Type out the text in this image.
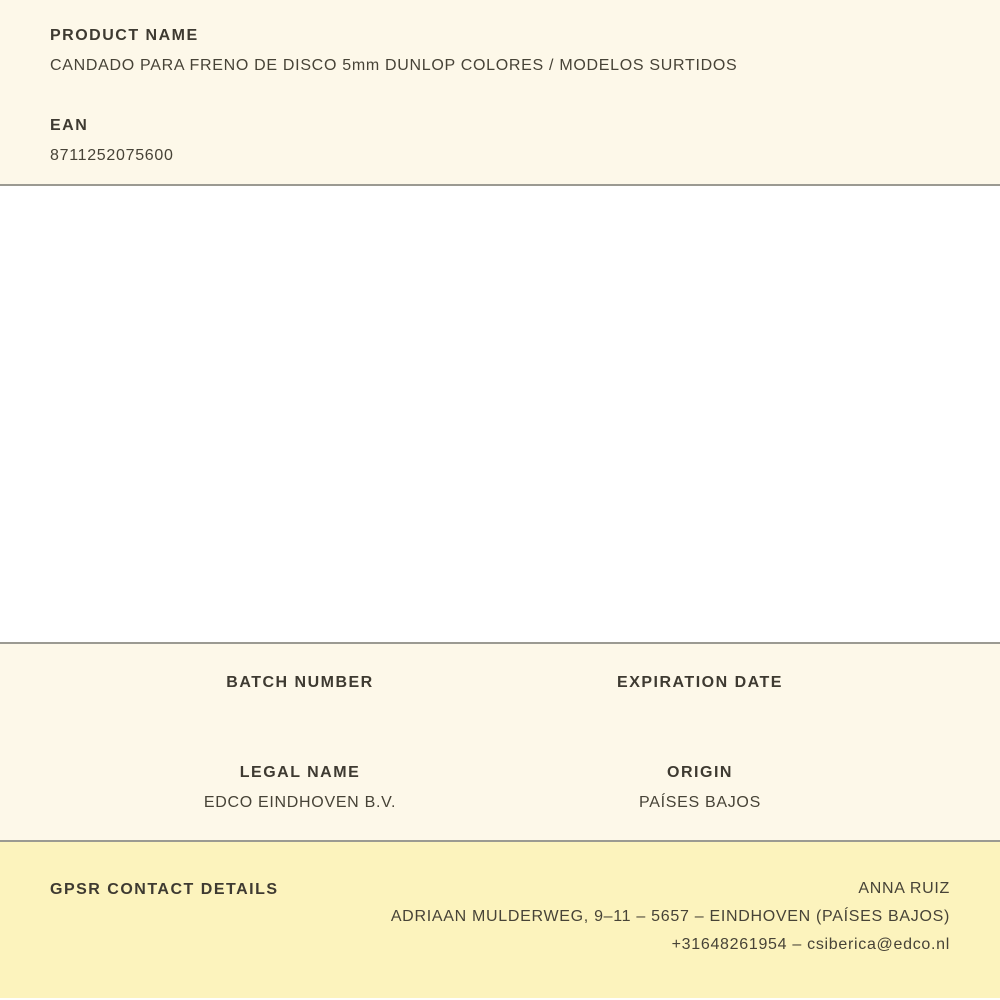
PRODUCT NAME
CANDADO PARA FRENO DE DISCO 5mm DUNLOP COLORES / MODELOS SURTIDOS
EAN
8711252075600
BATCH NUMBER	EXPIRATION DATE
LEGAL NAME
EDCO EINDHOVEN B.V.
ORIGIN
PAÍSES BAJOS
GPSR CONTACT DETAILS	ANNA RUIZ
ADRIAAN MULDERWEG, 9–11 – 5657 – EINDHOVEN (PAÍSES BAJOS)
+31648261954 – csiberica@edco.nl
